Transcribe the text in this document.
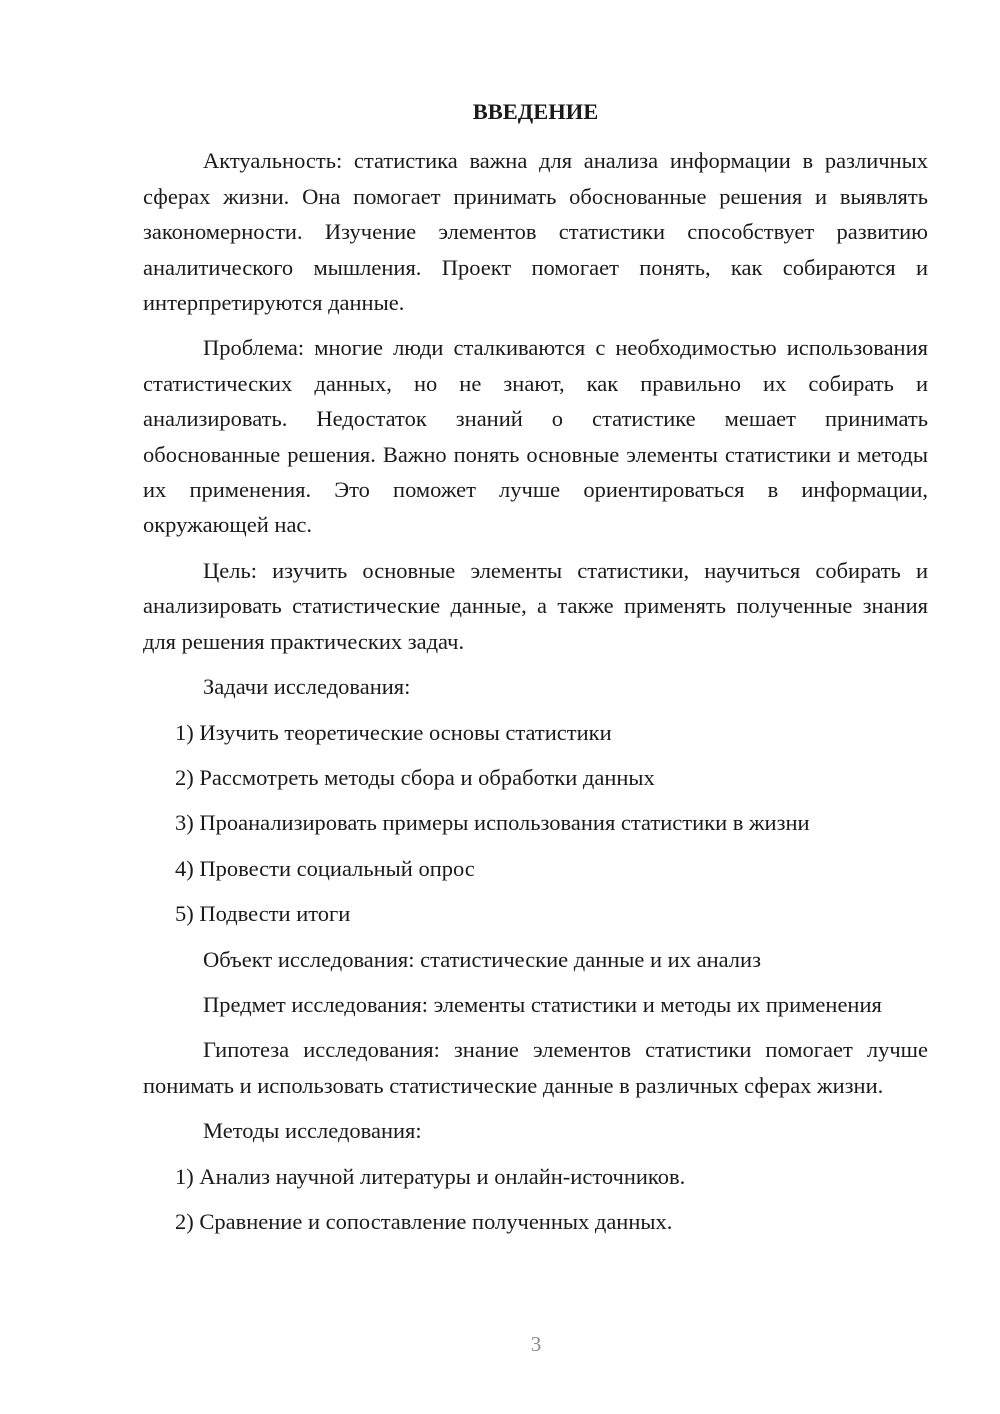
ВВЕДЕНИЕ

Актуальность: статистика важна для анализа информации в различных сферах жизни. Она помогает принимать обоснованные решения и выявлять закономерности. Изучение элементов статистики способствует развитию аналитического мышления. Проект помогает понять, как собираются и интерпретируются данные.

Проблема: многие люди сталкиваются с необходимостью использования статистических данных, но не знают, как правильно их собирать и анализировать. Недостаток знаний о статистике мешает принимать обоснованные решения. Важно понять основные элементы статистики и методы их применения. Это поможет лучше ориентироваться в информации, окружающей нас.

Цель: изучить основные элементы статистики, научиться собирать и анализировать статистические данные, а также применять полученные знания для решения практических задач.

Задачи исследования:

1) Изучить теоретические основы статистики
2) Рассмотреть методы сбора и обработки данных
3) Проанализировать примеры использования статистики в жизни
4) Провести социальный опрос
5) Подвести итоги

Объект исследования: статистические данные и их анализ

Предмет исследования: элементы статистики и методы их применения

Гипотеза исследования: знание элементов статистики помогает лучше понимать и использовать статистические данные в различных сферах жизни.

Методы исследования:

1) Анализ научной литературы и онлайн-источников.
2) Сравнение и сопоставление полученных данных.
3
